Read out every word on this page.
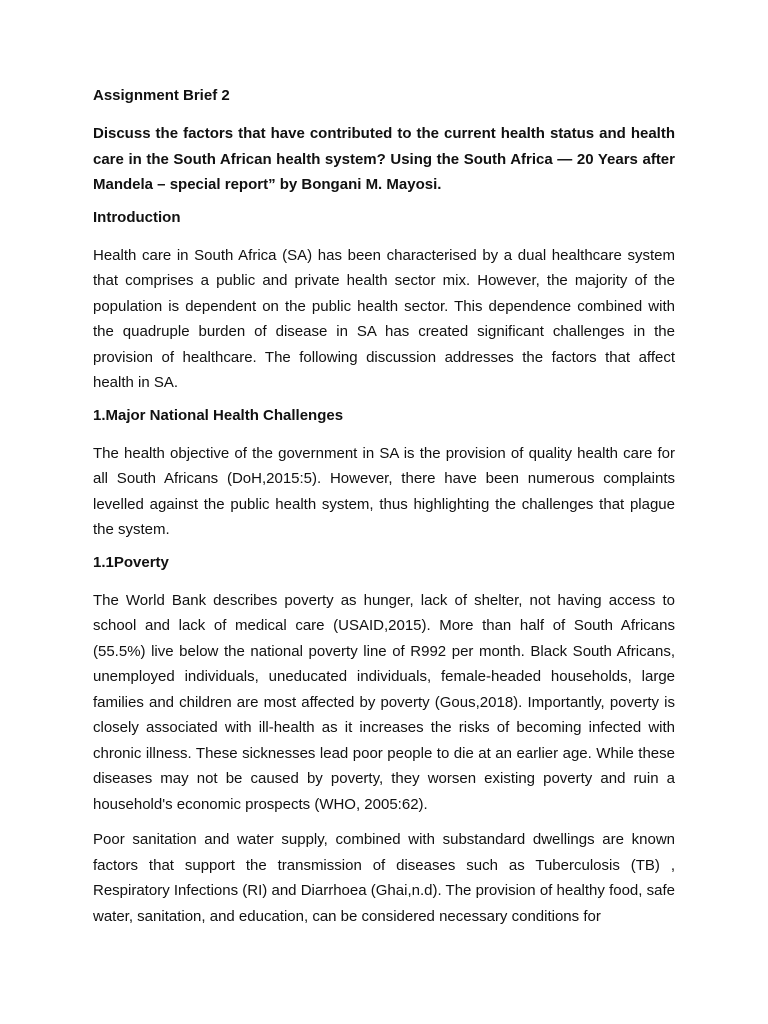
Assignment Brief 2
Discuss the factors that have contributed to the current health status and health care in the South African health system? Using the South Africa — 20 Years after Mandela – special report” by Bongani M. Mayosi.
Introduction

Health care in South Africa (SA) has been characterised by a dual healthcare system that comprises a public and private health sector mix. However, the majority of the population is dependent on the public health sector. This dependence combined with the quadruple burden of disease in SA has created significant challenges in the provision of healthcare. The following discussion addresses the factors that affect health in SA.

1.Major National Health Challenges

The health objective of the government in SA is the provision of quality health care for all South Africans (DoH,2015:5). However, there have been numerous complaints levelled against the public health system, thus highlighting the challenges that plague the system.

1.1Poverty

The World Bank describes poverty as hunger, lack of shelter, not having access to school and lack of medical care (USAID,2015). More than half of South Africans (55.5%) live below the national poverty line of R992 per month. Black South Africans, unemployed individuals, uneducated individuals, female-headed households, large families and children are most affected by poverty (Gous,2018). Importantly, poverty is closely associated with ill-health as it increases the risks of becoming infected with chronic illness. These sicknesses lead poor people to die at an earlier age. While these diseases may not be caused by poverty, they worsen existing poverty and ruin a household's economic prospects (WHO, 2005:62).

Poor sanitation and water supply, combined with substandard dwellings are known factors that support the transmission of diseases such as Tuberculosis (TB) , Respiratory Infections (RI) and Diarrhoea (Ghai,n.d). The provision of healthy food, safe water, sanitation, and education, can be considered necessary conditions for
